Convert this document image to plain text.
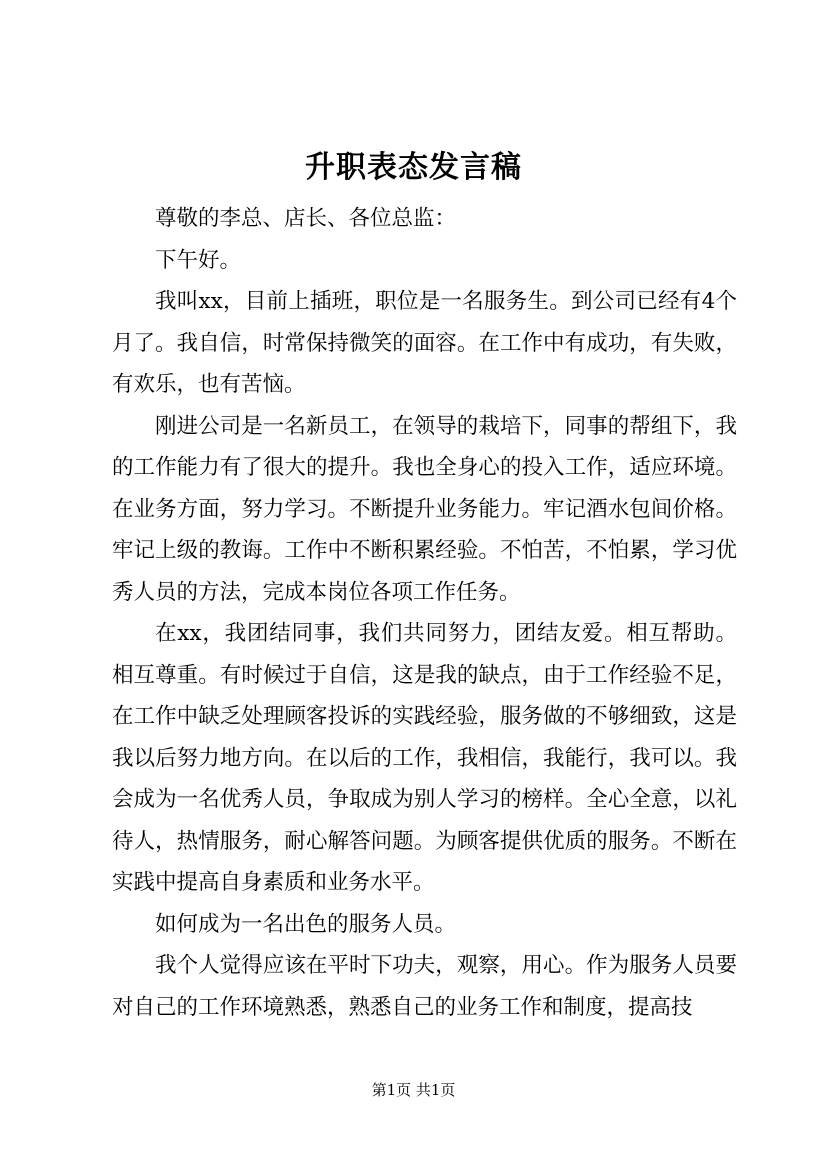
升职表态发言稿

尊敬的李总、店长、各位总监：

下午好。

我叫xx，目前上插班，职位是一名服务生。到公司已经有4个月了。我自信，时常保持微笑的面容。在工作中有成功，有失败，有欢乐，也有苦恼。

刚进公司是一名新员工，在领导的栽培下，同事的帮组下，我的工作能力有了很大的提升。我也全身心的投入工作，适应环境。在业务方面，努力学习。不断提升业务能力。牢记酒水包间价格。牢记上级的教诲。工作中不断积累经验。不怕苦，不怕累，学习优秀人员的方法，完成本岗位各项工作任务。

在xx，我团结同事，我们共同努力，团结友爱。相互帮助。相互尊重。有时候过于自信，这是我的缺点，由于工作经验不足，在工作中缺乏处理顾客投诉的实践经验，服务做的不够细致，这是我以后努力地方向。在以后的工作，我相信，我能行，我可以。我会成为一名优秀人员，争取成为别人学习的榜样。全心全意，以礼待人，热情服务，耐心解答问题。为顾客提供优质的服务。不断在实践中提高自身素质和业务水平。

如何成为一名出色的服务人员。

我个人觉得应该在平时下功夫，观察，用心。作为服务人员要对自己的工作环境熟悉，熟悉自己的业务工作和制度，提高技

第1页 共1页
